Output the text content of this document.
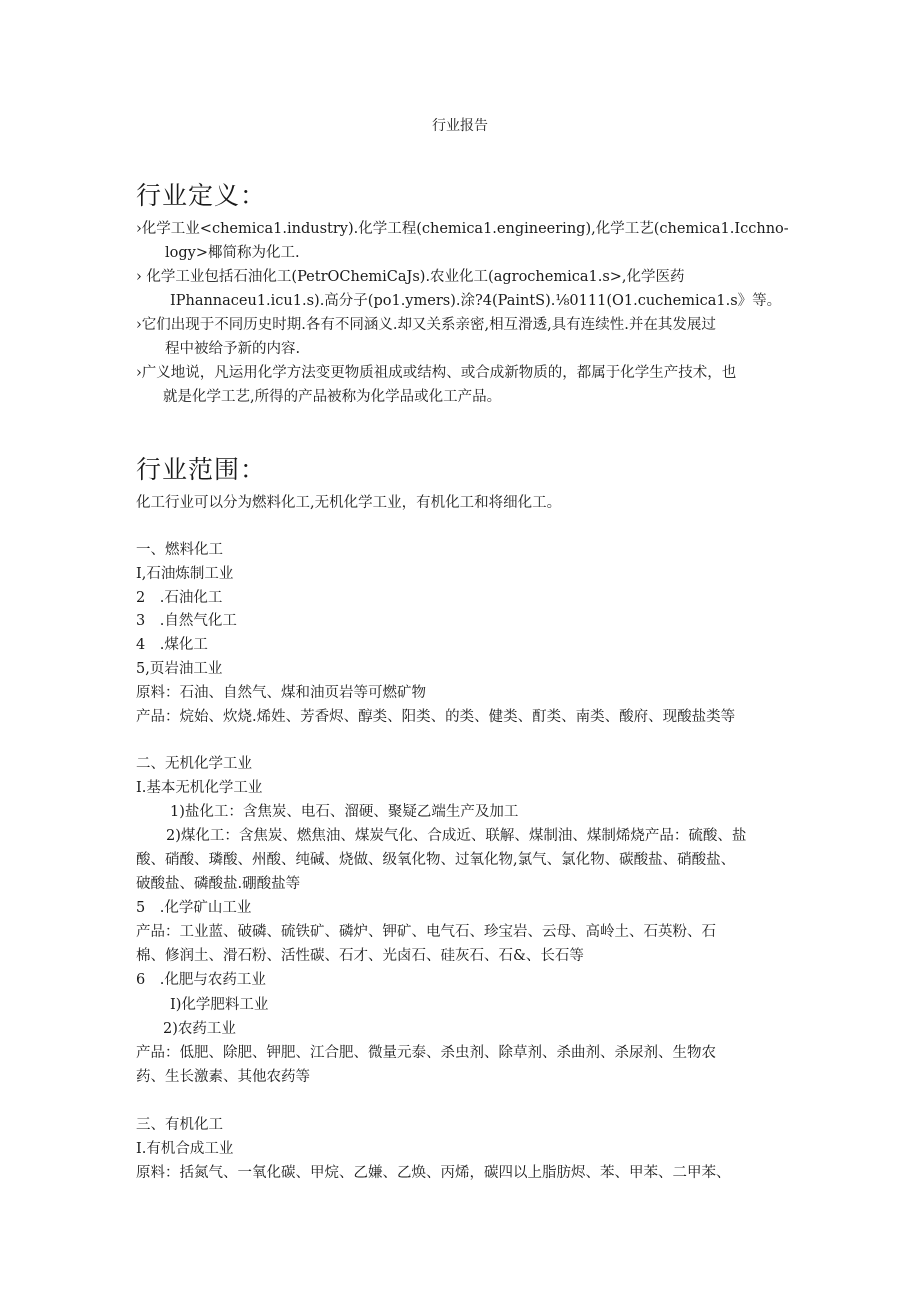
行业报告
行业定义：
›化学工业<chemica1.industry).化学工程(chemica1.engineering),化学工艺(chemica1.Icchno-
logy>椰简称为化工.
› 化学工业包括石油化工(PetrOChemiCaJs).农业化工(agrochemica1.s>,化学医药
IPhannaceu1.icu1.s).高分子(po1.ymers).涂?4(PaintS).⅛0111(O1.cuchemica1.s》等。
›它们出现于不同历史时期.各有不同涵义.却又关系亲密,相互滑透,具有连续性.并在其发展过
程中被给予新的内容.
›广义地说，凡运用化学方法变更物质祖成或结构、或合成新物质的，都属于化学生产技术，也
就是化学工艺,所得的产品被称为化学品或化工产品。
行业范围：
化工行业可以分为燃料化工,无机化学工业，有机化工和将细化工。
一、燃料化工
I,石油炼制工业
2　.石油化工
3　.自然气化工
4　.煤化工
5,页岩油工业
原料：石油、自然气、煤和油页岩等可燃矿物
产品：烷始、炊烧.烯姓、芳香烬、醇类、阳类、的类、健类、酊类、南类、酸府、现酸盐类等
二、无机化学工业
I.基本无机化学工业
1)盐化工：含焦炭、电石、溜硬、聚疑乙端生产及加工
2)煤化工：含焦炭、燃焦油、煤炭气化、合成近、联解、煤制油、煤制烯烧产品：硫酸、盐
酸、硝酸、璘酸、州酸、纯碱、烧做、级氧化物、过氧化物,氯气、氯化物、碳酸盐、硝酸盐、
破酸盐、磷酸盐.硼酸盐等
5　.化学矿山工业
产品：工业蓝、破磷、硫铁矿、磷炉、钾矿、电气石、珍宝岩、云母、高岭土、石英粉、石
棉、修润土、滑石粉、活性碳、石才、光卤石、硅灰石、石&、长石等
6　.化肥与农药工业
I)化学肥料工业
2)农药工业
产品：低肥、除肥、钾肥、江合肥、微量元泰、杀虫剂、除草剂、杀曲剂、杀尿剂、生物农
药、生长激素、其他农药等
三、有机化工
I.有机合成工业
原料：括氮气、一氧化碳、甲烷、乙嫌、乙焕、丙烯，碳四以上脂肪烬、苯、甲苯、二甲苯、
